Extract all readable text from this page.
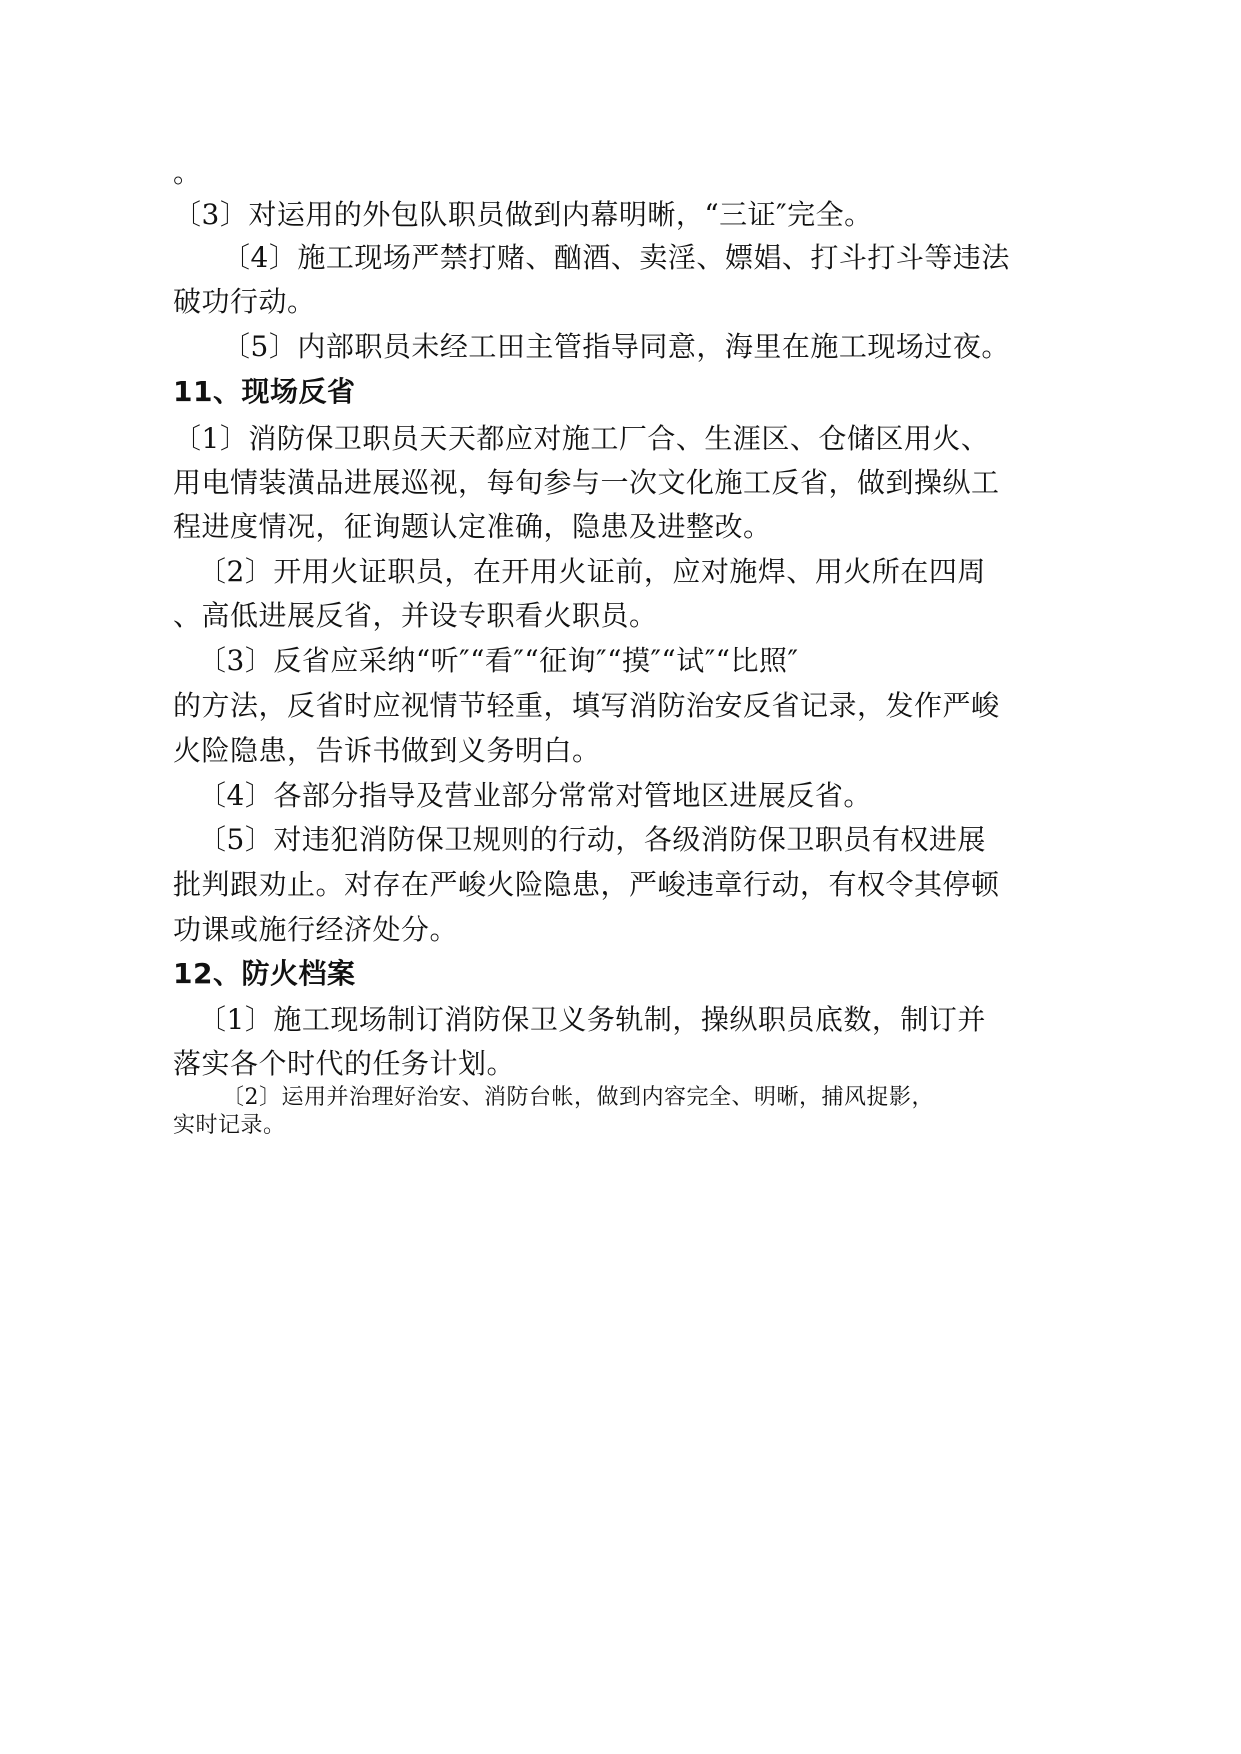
。
〔3〕对运用的外包队职员做到内幕明晰，“三证″完全。
〔4〕施工现场严禁打赌、酗酒、卖淫、嫖娼、打斗打斗等违法
破功行动。
〔5〕内部职员未经工田主管指导同意，海里在施工现场过夜。
11、现场反省
〔1〕消防保卫职员天天都应对施工厂合、生涯区、仓储区用火、
用电情装潢品进展巡视，每旬参与一次文化施工反省，做到操纵工
程进度情况，征询题认定准确，隐患及进整改。
〔2〕开用火证职员，在开用火证前，应对施焊、用火所在四周
、高低进展反省，并设专职看火职员。
〔3〕反省应采纳“听″“看″“征询″“摸″“试″“比照″
的方法，反省时应视情节轻重，填写消防治安反省记录，发作严峻
火险隐患，告诉书做到义务明白。
〔4〕各部分指导及营业部分常常对管地区进展反省。
〔5〕对违犯消防保卫规则的行动，各级消防保卫职员有权进展
批判跟劝止。对存在严峻火险隐患，严峻违章行动，有权令其停顿
功课或施行经济处分。
12、防火档案
〔1〕施工现场制订消防保卫义务轨制，操纵职员底数，制订并
落实各个时代的任务计划。
〔2〕运用并治理好治安、消防台帐，做到内容完全、明晰，捕风捉影，
实时记录。
